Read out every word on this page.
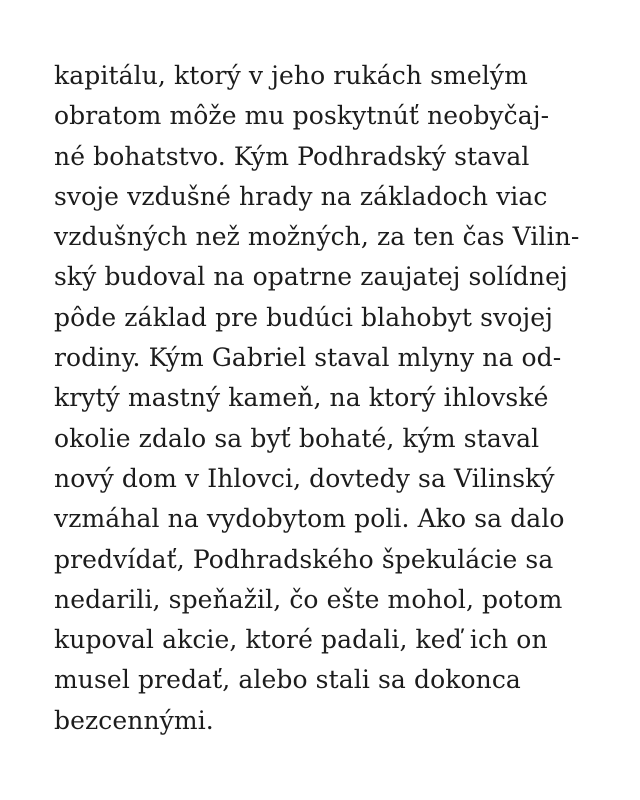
kapitálu, ktorý v jeho rukách smelým
obratom môže mu poskytnúť neobyčaj-
né bohatstvo. Kým Podhradský staval
svoje vzdušné hrady na základoch viac
vzdušných než možných, za ten čas Vilin-
ský budoval na opatrne zaujatej solídnej
pôde základ pre budúci blahobyt svojej
rodiny. Kým Gabriel staval mlyny na od-
krytý mastný kameň, na ktorý ihlovské
okolie zdalo sa byť bohaté, kým staval
nový dom v Ihlovci, dovtedy sa Vilinský
vzmáhal na vydobytom poli. Ako sa dalo
predvídať, Podhradského špekulácie sa
nedarili, speňažil, čo ešte mohol, potom
kupoval akcie, ktoré padali, keď ich on
musel predať, alebo stali sa dokonca
bezcennými.
